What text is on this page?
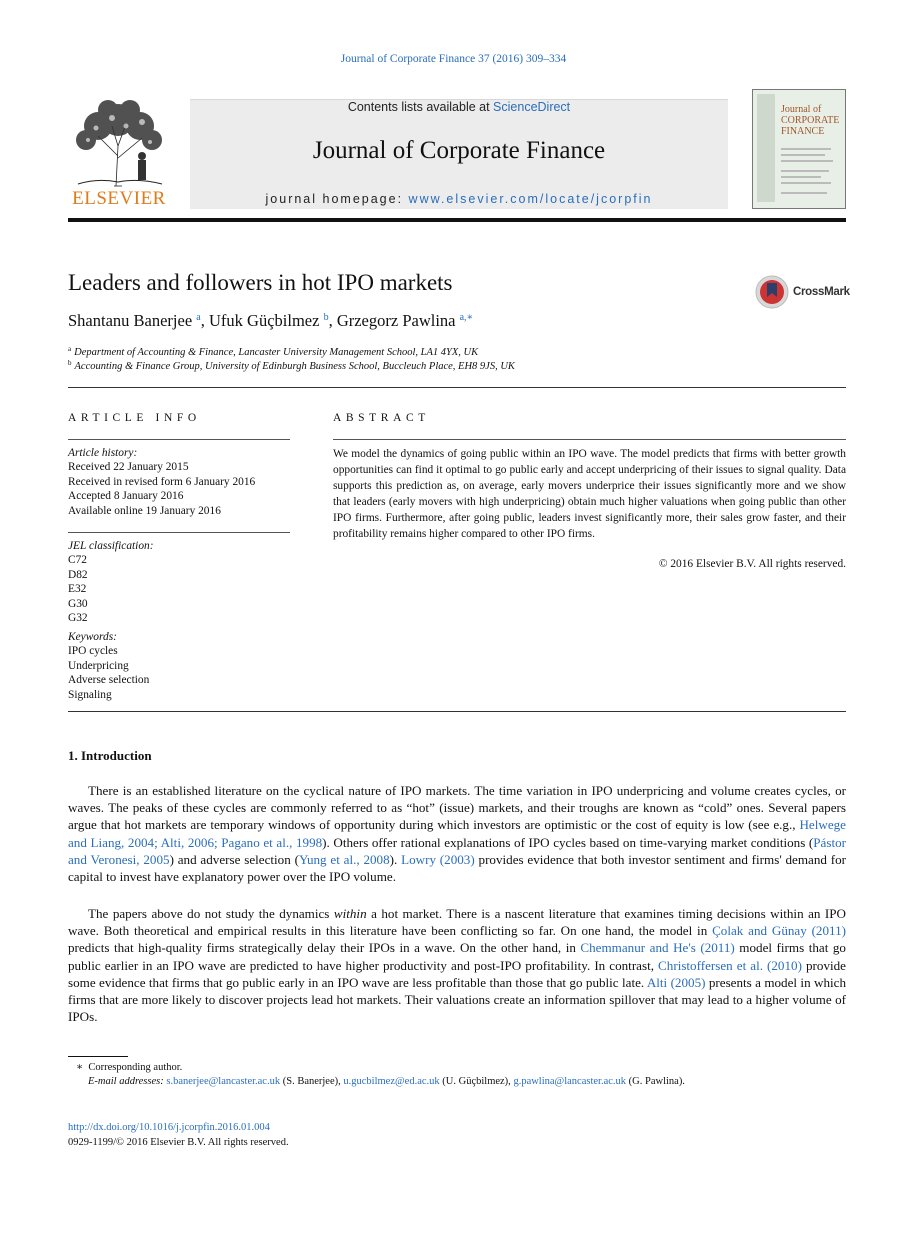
Journal of Corporate Finance 37 (2016) 309–334
ELSEVIER
Contents lists available at ScienceDirect
Journal of Corporate Finance
journal homepage: www.elsevier.com/locate/jcorpfin
Journal of CORPORATE FINANCE
Leaders and followers in hot IPO markets	CrossMark
Shantanu Banerjee $^a$, Ufuk Güçbilmez $^b$, Grzegorz Pawlina $^{a,∗}$
$^a$ Department of Accounting & Finance, Lancaster University Management School, LA1 4YX, UK
$^b$ Accounting & Finance Group, University of Edinburgh Business School, Buccleuch Place, EH8 9JS, UK
ARTICLE INFO	ABSTRACT
Article history:
Received 22 January 2015
Received in revised form 6 January 2016
Accepted 8 January 2016
Available online 19 January 2016
JEL classification:
C72
D82
E32
G30
G32
Keywords:
IPO cycles
Underpricing
Adverse selection
Signaling
We model the dynamics of going public within an IPO wave. The model predicts that firms with better growth opportunities can find it optimal to go public early and accept underpricing of their issues to signal quality. Data supports this prediction as, on average, early movers underprice their issues significantly more and we show that leaders (early movers with high underpricing) obtain much higher valuations when going public than other IPO firms. Furthermore, after going public, leaders invest significantly more, their sales grow faster, and their profitability remains higher compared to other IPO firms.
© 2016 Elsevier B.V. All rights reserved.
1. Introduction
There is an established literature on the cyclical nature of IPO markets. The time variation in IPO underpricing and volume creates cycles, or waves. The peaks of these cycles are commonly referred to as “hot” (issue) markets, and their troughs are known as “cold” ones. Several papers argue that hot markets are temporary windows of opportunity during which investors are optimistic or the cost of equity is low (see e.g., Helwege and Liang, 2004; Alti, 2006; Pagano et al., 1998). Others offer rational explanations of IPO cycles based on time-varying market conditions (Pástor and Veronesi, 2005) and adverse selection (Yung et al., 2008). Lowry (2003) provides evidence that both investor sentiment and firms' demand for capital to invest have explanatory power over the IPO volume.
The papers above do not study the dynamics within a hot market. There is a nascent literature that examines timing decisions within an IPO wave. Both theoretical and empirical results in this literature have been conflicting so far. On one hand, the model in Çolak and Günay (2011) predicts that high-quality firms strategically delay their IPOs in a wave. On the other hand, in Chemmanur and He's (2011) model firms that go public earlier in an IPO wave are predicted to have higher productivity and post-IPO profitability. In contrast, Christoffersen et al. (2010) provide some evidence that firms that go public early in an IPO wave are less profitable than those that go public late. Alti (2005) presents a model in which firms that are more likely to discover projects lead hot markets. Their valuations create an information spillover that may lead to a higher volume of IPOs.
∗ Corresponding author.
E-mail addresses: s.banerjee@lancaster.ac.uk (S. Banerjee), u.gucbilmez@ed.ac.uk (U. Güçbilmez), g.pawlina@lancaster.ac.uk (G. Pawlina).
http://dx.doi.org/10.1016/j.jcorpfin.2016.01.004
0929-1199/© 2016 Elsevier B.V. All rights reserved.
